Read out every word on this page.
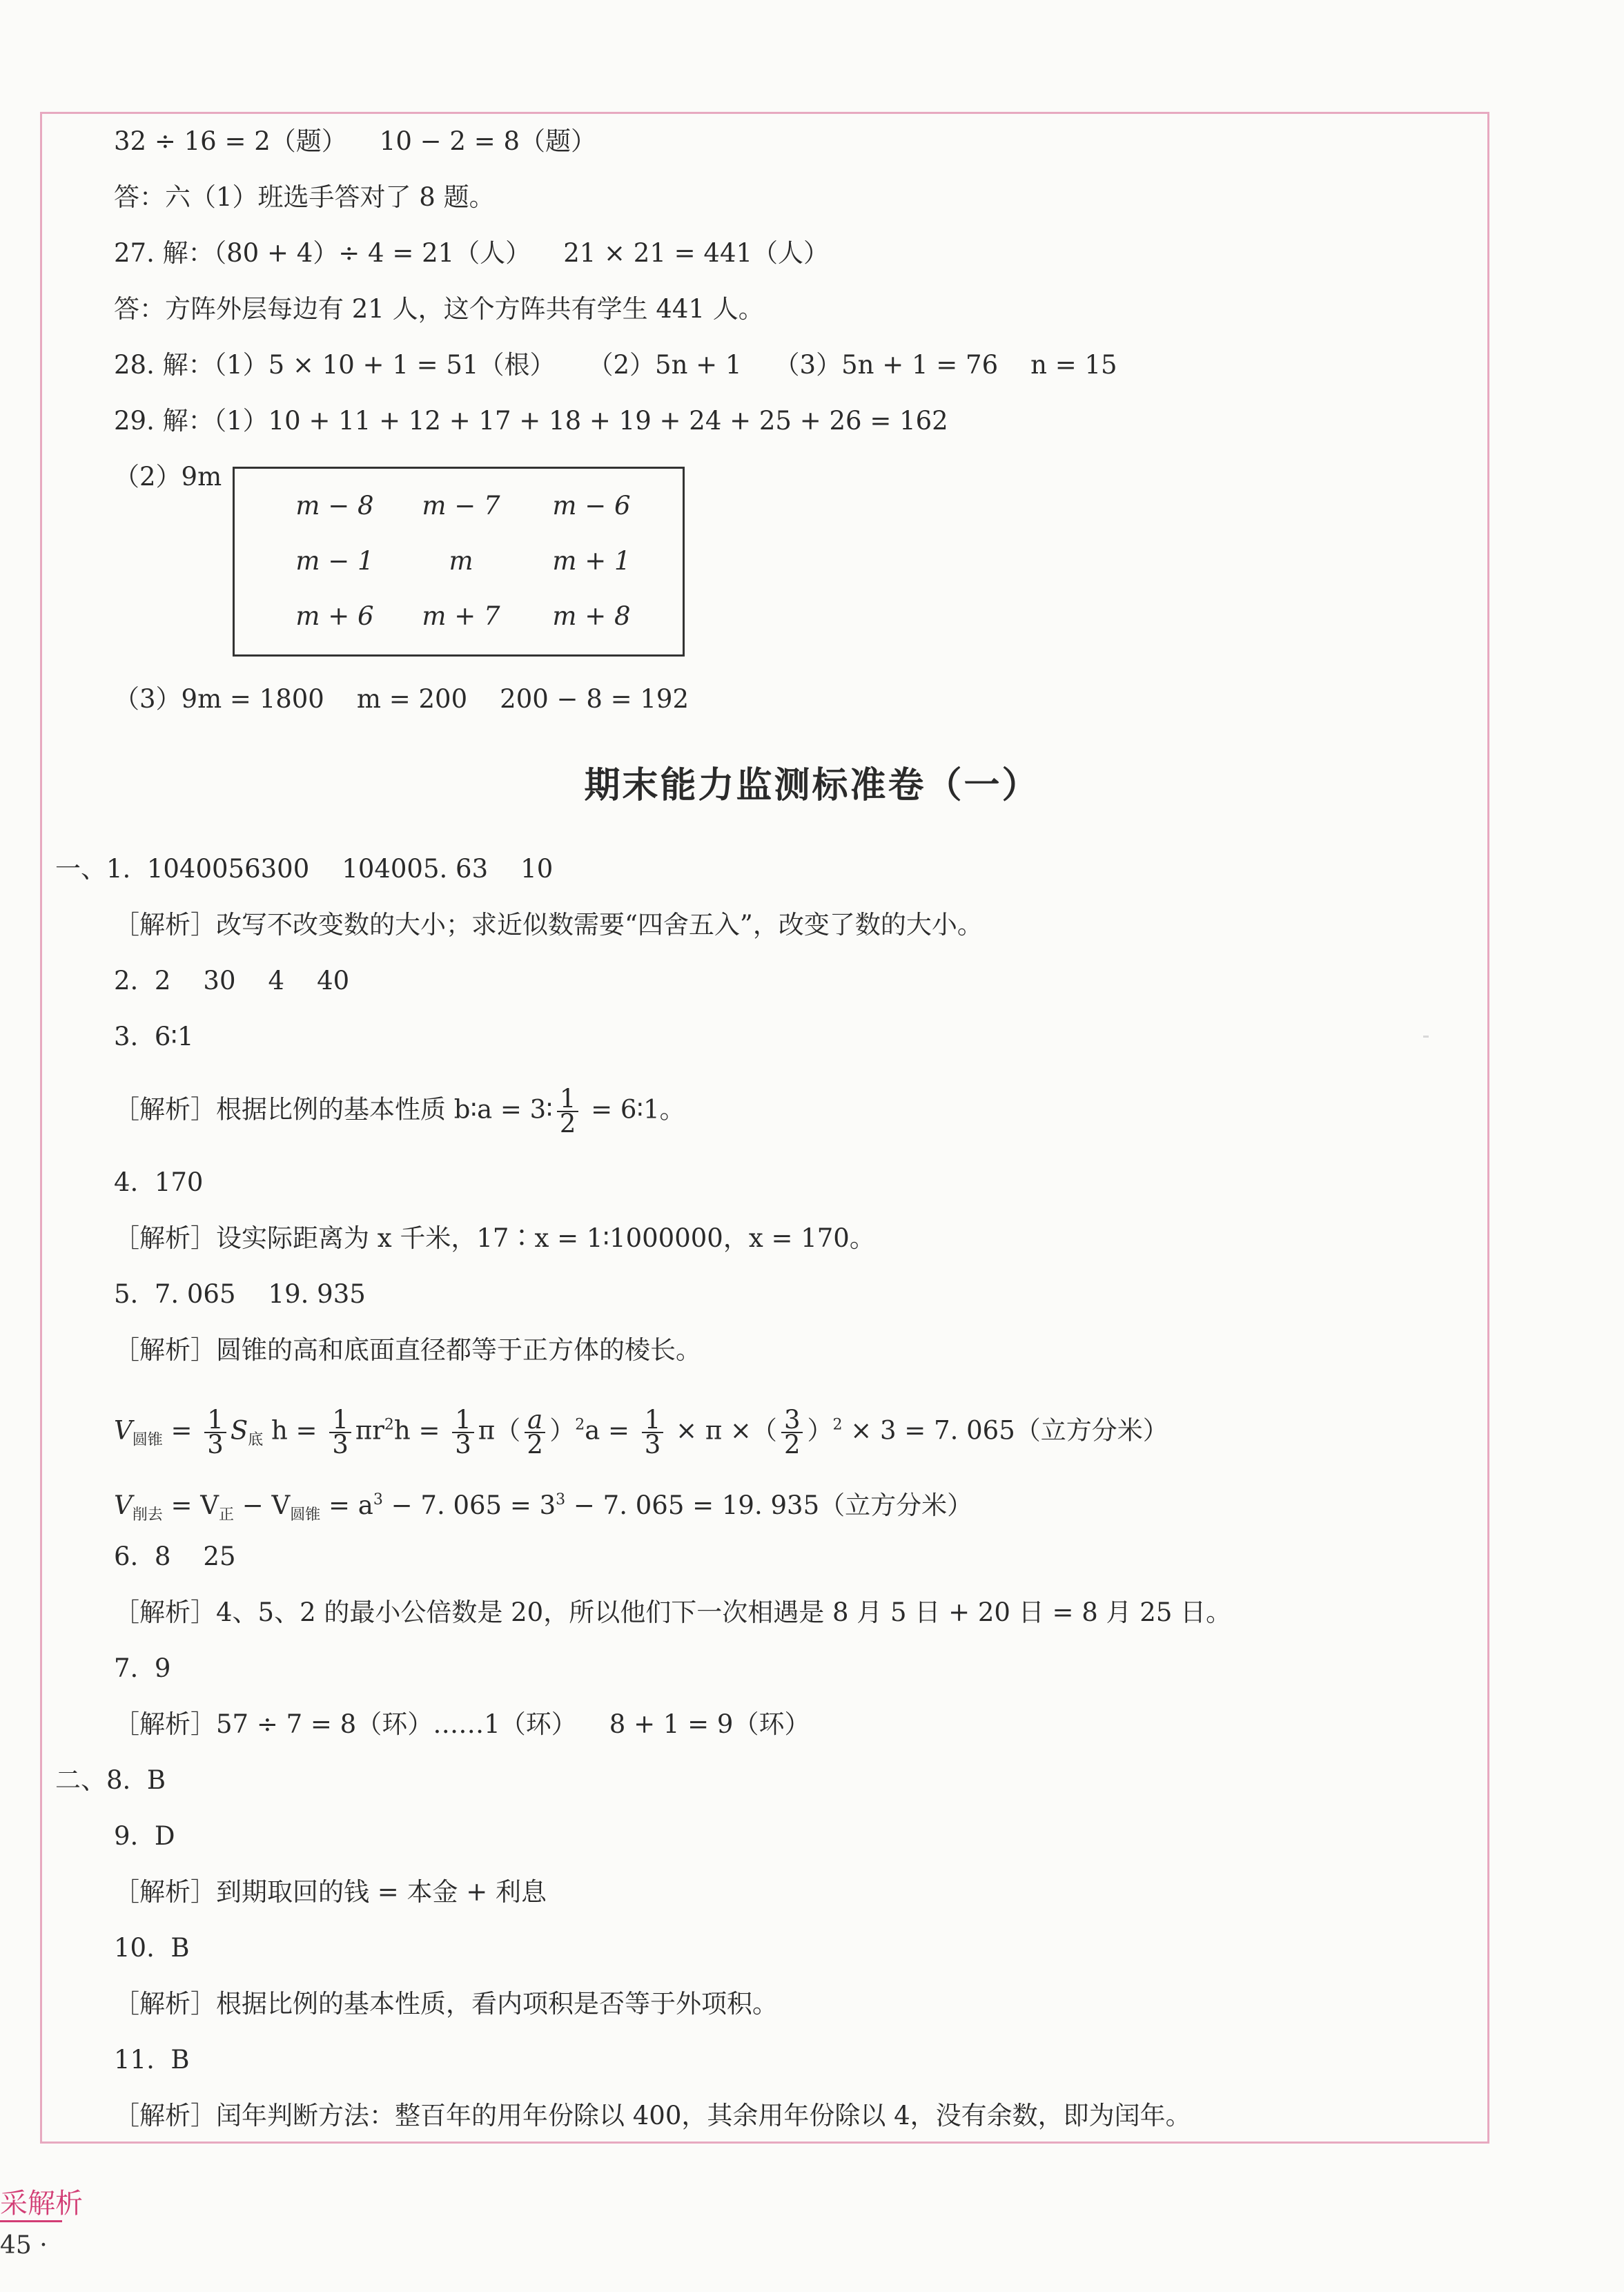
32 ÷ 16 = 2（题）    10 − 2 = 8（题）
答：六（1）班选手答对了 8 题。
27. 解：（80 + 4）÷ 4 = 21（人）    21 × 21 = 441（人）
答：方阵外层每边有 21 人，这个方阵共有学生 441 人。
28. 解：（1）5 × 10 + 1 = 51（根）    （2）5n + 1    （3）5n + 1 = 76    n = 15
29. 解：（1）10 + 11 + 12 + 17 + 18 + 19 + 24 + 25 + 26 = 162
（2）9m
m − 8	m − 7	m − 6
m − 1	m	m + 1
m + 6	m + 7	m + 8
（3）9m = 1800    m = 200    200 − 8 = 192
期末能力监测标准卷（一）
一、1.  1040056300    104005. 63    10
［解析］改写不改变数的大小；求近似数需要“四舍五入”，改变了数的大小。
2.  2    30    4    40
3.  6∶1
［解析］根据比例的基本性质 b∶a = 3∶ $\frac{1}{2}$ = 6∶1。
4.  170
［解析］设实际距离为 x 千米，17∶x = 1∶1000000，x = 170。
5.  7. 065    19. 935
［解析］圆锥的高和底面直径都等于正方体的棱长。
$V_{圆锥} = \frac{1}{3} S_底$ $h = \frac{1}{3} \pi r^2h = \frac{1}{3} \pi( \frac{a}{2} )^2a = \frac{1}{3} \times \pi$ ×（ $\frac{3}{2} )^2 \times 3 = 7$. 065（立方分米）
$V_{削去} = V_正 - V_{圆锥} = a^3 - 7$. $065 = 3^3 - 7$. 065 = 19. 935（立方分米）
6.  8    25
［解析］4、5、2 的最小公倍数是 20，所以他们下一次相遇是 8 月 5 日 + 20 日 = 8 月 25 日。
7.  9
［解析］57 ÷ 7 = 8（环）……1（环）    8 + 1 = 9（环）
二、8.  B
9.  D
［解析］到期取回的钱 = 本金 + 利息
10.  B
［解析］根据比例的基本性质，看内项积是否等于外项积。
11.  B
［解析］闰年判断方法：整百年的用年份除以 400，其余用年份除以 4，没有余数，即为闰年。
采解析
45 ·
